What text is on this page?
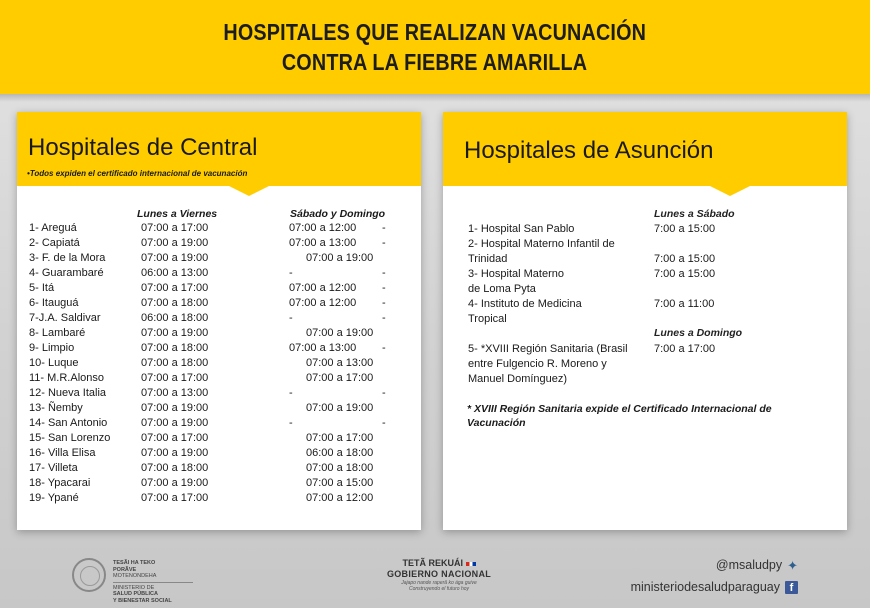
HOSPITALES QUE REALIZAN VACUNACIÓN
CONTRA LA FIEBRE AMARILLA
Hospitales de Central
•Todos expiden el certificado internacional de vacunación
Lunes a Viernes	Sábado y Domingo
1- Areguá	07:00 a 17:00	07:00 a 12:00 -
2- Capiatá	07:00 a 19:00	07:00 a 13:00 -
3- F. de la Mora	07:00 a 19:00	07:00 a 19:00
4- Guarambaré	06:00 a 13:00	-	-
5- Itá	07:00 a 17:00	07:00 a 12:00 -
6- Itauguá	07:00 a 18:00	07:00 a 12:00 -
7-J.A. Saldivar	06:00 a 18:00	-	-
8- Lambaré	07:00 a 19:00	07:00 a 19:00
9- Limpio	07:00 a 18:00	07:00 a 13:00 -
10- Luque	07:00 a 18:00	07:00 a 13:00
11- M.R.Alonso	07:00 a 17:00	07:00 a 17:00
12- Nueva Italia	07:00 a 13:00	-	-
13- Ñemby	07:00 a 19:00	07:00 a 19:00
14- San Antonio	07:00 a 19:00	-	-
15- San Lorenzo	07:00 a 17:00	07:00 a 17:00
16- Villa Elisa	07:00 a 19:00	06:00 a 18:00
17- Villeta	07:00 a 18:00	07:00 a 18:00
18- Ypacarai	07:00 a 19:00	07:00 a 15:00
19- Ypané	07:00 a 17:00	07:00 a 12:00
Hospitales de Asunción
Lunes a Sábado
1- Hospital San Pablo	7:00 a 15:00
2- Hospital Materno Infantil de Trinidad	7:00 a 15:00
3- Hospital Materno de Loma Pyta
7:00 a 15:00
4- Instituto de Medicina Tropical
7:00 a 11:00
Lunes a Domingo
5- *XVIII Región Sanitaria (Brasil entre Fulgencio R. Moreno y Manuel Domínguez)
7:00 a 17:00
* XVIII Región Sanitaria expide el Certificado Internacional de Vacunación
TESÃI HA TEKO
PORÃVE
MOTENONDEHA
MINISTERIO DE
SALUD PÚBLICA
Y BIENESTAR SOCIAL
TETÃ REKUÁI
GOBIERNO NACIONAL
Jajapo nande raperã ko ága guive
Construyendo el futuro hoy
@msaludpy ✦
ministeriodesaludparaguay f
